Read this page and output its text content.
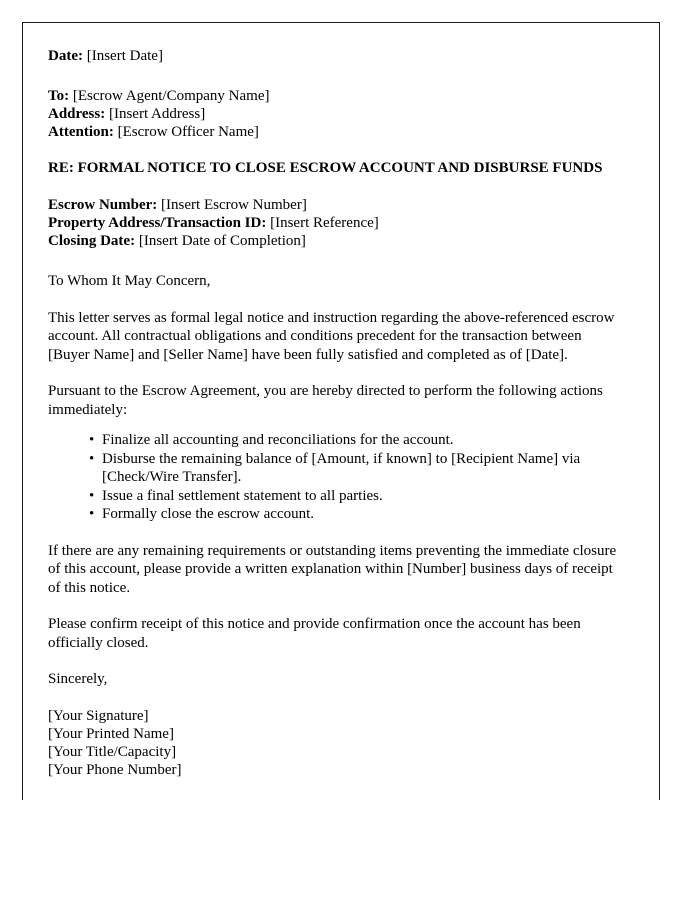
Date: [Insert Date]
To: [Escrow Agent/Company Name]
Address: [Insert Address]
Attention: [Escrow Officer Name]

RE: FORMAL NOTICE TO CLOSE ESCROW ACCOUNT AND DISBURSE FUNDS

Escrow Number: [Insert Escrow Number]
Property Address/Transaction ID: [Insert Reference]
Closing Date: [Insert Date of Completion]

To Whom It May Concern,

This letter serves as formal legal notice and instruction regarding the above-referenced escrow account. All contractual obligations and conditions precedent for the transaction between [Buyer Name] and [Seller Name] have been fully satisfied and completed as of [Date].

Pursuant to the Escrow Agreement, you are hereby directed to perform the following actions immediately:

• Finalize all accounting and reconciliations for the account.
• Disburse the remaining balance of [Amount, if known] to [Recipient Name] via [Check/Wire Transfer].
• Issue a final settlement statement to all parties.
• Formally close the escrow account.

If there are any remaining requirements or outstanding items preventing the immediate closure of this account, please provide a written explanation within [Number] business days of receipt of this notice.

Please confirm receipt of this notice and provide confirmation once the account has been officially closed.

Sincerely,

[Your Signature]
[Your Printed Name]
[Your Title/Capacity]
[Your Phone Number]
